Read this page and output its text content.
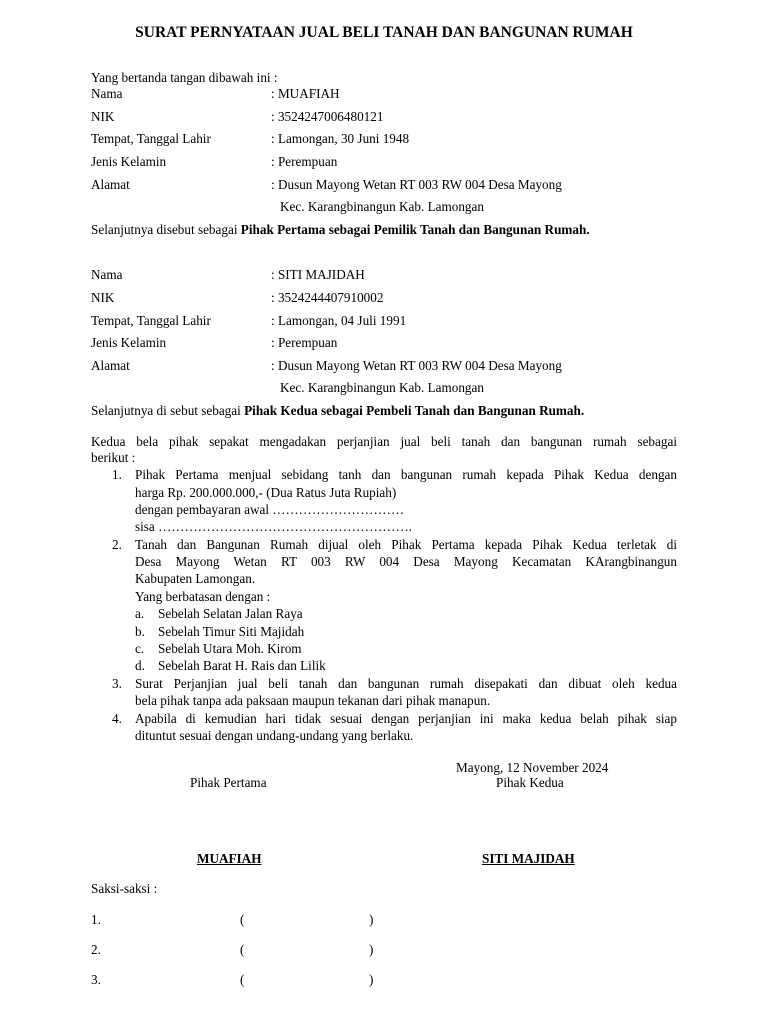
SURAT PERNYATAAN JUAL BELI TANAH DAN BANGUNAN RUMAH
Yang bertanda tangan dibawah ini :
Nama	: MUAFIAH
NIK	: 3524247006480121
Tempat, Tanggal Lahir	: Lamongan, 30 Juni 1948
Jenis Kelamin	: Perempuan
Alamat	: Dusun Mayong Wetan RT 003 RW 004 Desa Mayong
Kec. Karangbinangun Kab. Lamongan
Selanjutnya disebut sebagai Pihak Pertama sebagai Pemilik Tanah dan Bangunan Rumah.
Nama	: SITI MAJIDAH
NIK	: 3524244407910002
Tempat, Tanggal Lahir	: Lamongan, 04 Juli 1991
Jenis Kelamin	: Perempuan
Alamat	: Dusun Mayong Wetan RT 003 RW 004 Desa Mayong
Kec. Karangbinangun Kab. Lamongan
Selanjutnya di sebut sebagai Pihak Kedua sebagai Pembeli Tanah dan Bangunan Rumah.
Kedua bela pihak sepakat mengadakan perjanjian jual beli tanah dan bangunan rumah sebagai
berikut :
1. Pihak Pertama menjual sebidang tanh dan bangunan rumah kepada Pihak Kedua dengan
harga Rp. 200.000.000,- (Dua Ratus Juta Rupiah)
dengan pembayaran awal …………………………
sisa ………………………………………………….
2. Tanah dan Bangunan Rumah dijual oleh Pihak Pertama kepada Pihak Kedua terletak di
Desa Mayong Wetan RT 003 RW 004 Desa Mayong Kecamatan KArangbinangun
Kabupaten Lamongan.
Yang berbatasan dengan :
a. Sebelah Selatan Jalan Raya
b. Sebelah Timur Siti Majidah
c. Sebelah Utara Moh. Kirom
d. Sebelah Barat H. Rais dan Lilik
3. Surat Perjanjian jual beli tanah dan bangunan rumah disepakati dan dibuat oleh kedua
bela pihak tanpa ada paksaan maupun tekanan dari pihak manapun.
4. Apabila di kemudian hari tidak sesuai dengan perjanjian ini maka kedua belah pihak siap
dituntut sesuai dengan undang-undang yang berlaku.
Mayong, 12 November 2024
Pihak Pertama	Pihak Kedua
MUAFIAH	SITI MAJIDAH
Saksi-saksi :
1.	(	)
2.	(	)
3.	(	)
